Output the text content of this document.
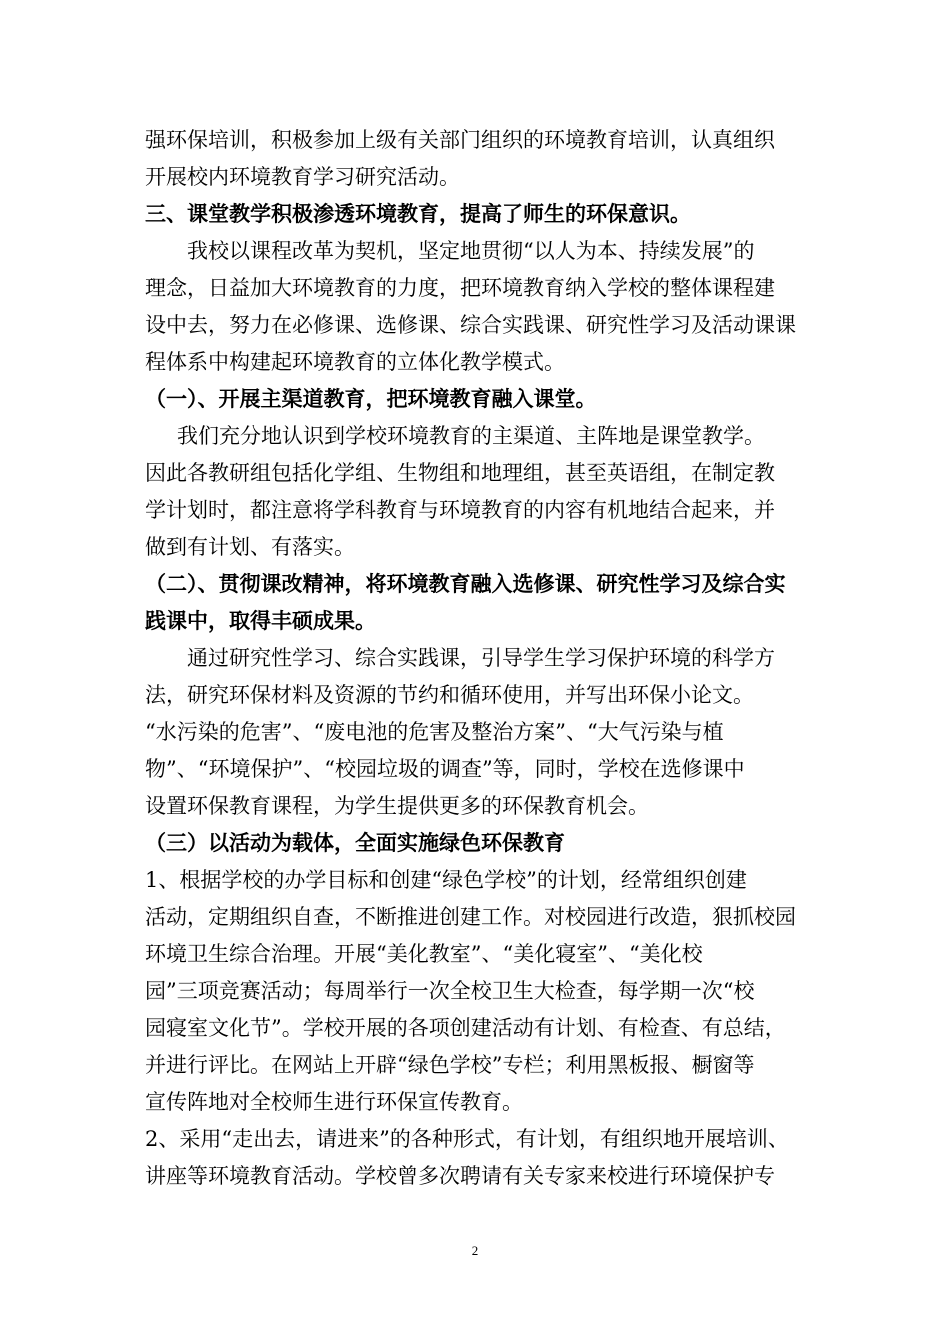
强环保培训，积极参加上级有关部门组织的环境教育培训，认真组织
开展校内环境教育学习研究活动。
三、课堂教学积极渗透环境教育，提高了师生的环保意识。
我校以课程改革为契机，坚定地贯彻“以人为本、持续发展”的
理念，日益加大环境教育的力度，把环境教育纳入学校的整体课程建
设中去，努力在必修课、选修课、综合实践课、研究性学习及活动课课
程体系中构建起环境教育的立体化教学模式。
（一）、开展主渠道教育，把环境教育融入课堂。
我们充分地认识到学校环境教育的主渠道、主阵地是课堂教学。
因此各教研组包括化学组、生物组和地理组，甚至英语组，在制定教
学计划时，都注意将学科教育与环境教育的内容有机地结合起来，并
做到有计划、有落实。
（二）、贯彻课改精神，将环境教育融入选修课、研究性学习及综合实
践课中，取得丰硕成果。
通过研究性学习、综合实践课，引导学生学习保护环境的科学方
法，研究环保材料及资源的节约和循环使用，并写出环保小论文。
“水污染的危害”、“废电池的危害及整治方案”、“大气污染与植
物”、“环境保护”、“校园垃圾的调查”等，同时，学校在选修课中
设置环保教育课程，为学生提供更多的环保教育机会。
（三）以活动为载体，全面实施绿色环保教育
1、根据学校的办学目标和创建“绿色学校”的计划，经常组织创建
活动，定期组织自查，不断推进创建工作。对校园进行改造，狠抓校园
环境卫生综合治理。开展“美化教室”、“美化寝室”、“美化校
园”三项竞赛活动；每周举行一次全校卫生大检查，每学期一次“校
园寝室文化节”。学校开展的各项创建活动有计划、有检查、有总结，
并进行评比。在网站上开辟“绿色学校”专栏；利用黑板报、橱窗等
宣传阵地对全校师生进行环保宣传教育。
2、采用“走出去，请进来”的各种形式，有计划，有组织地开展培训、
讲座等环境教育活动。学校曾多次聘请有关专家来校进行环境保护专
2
